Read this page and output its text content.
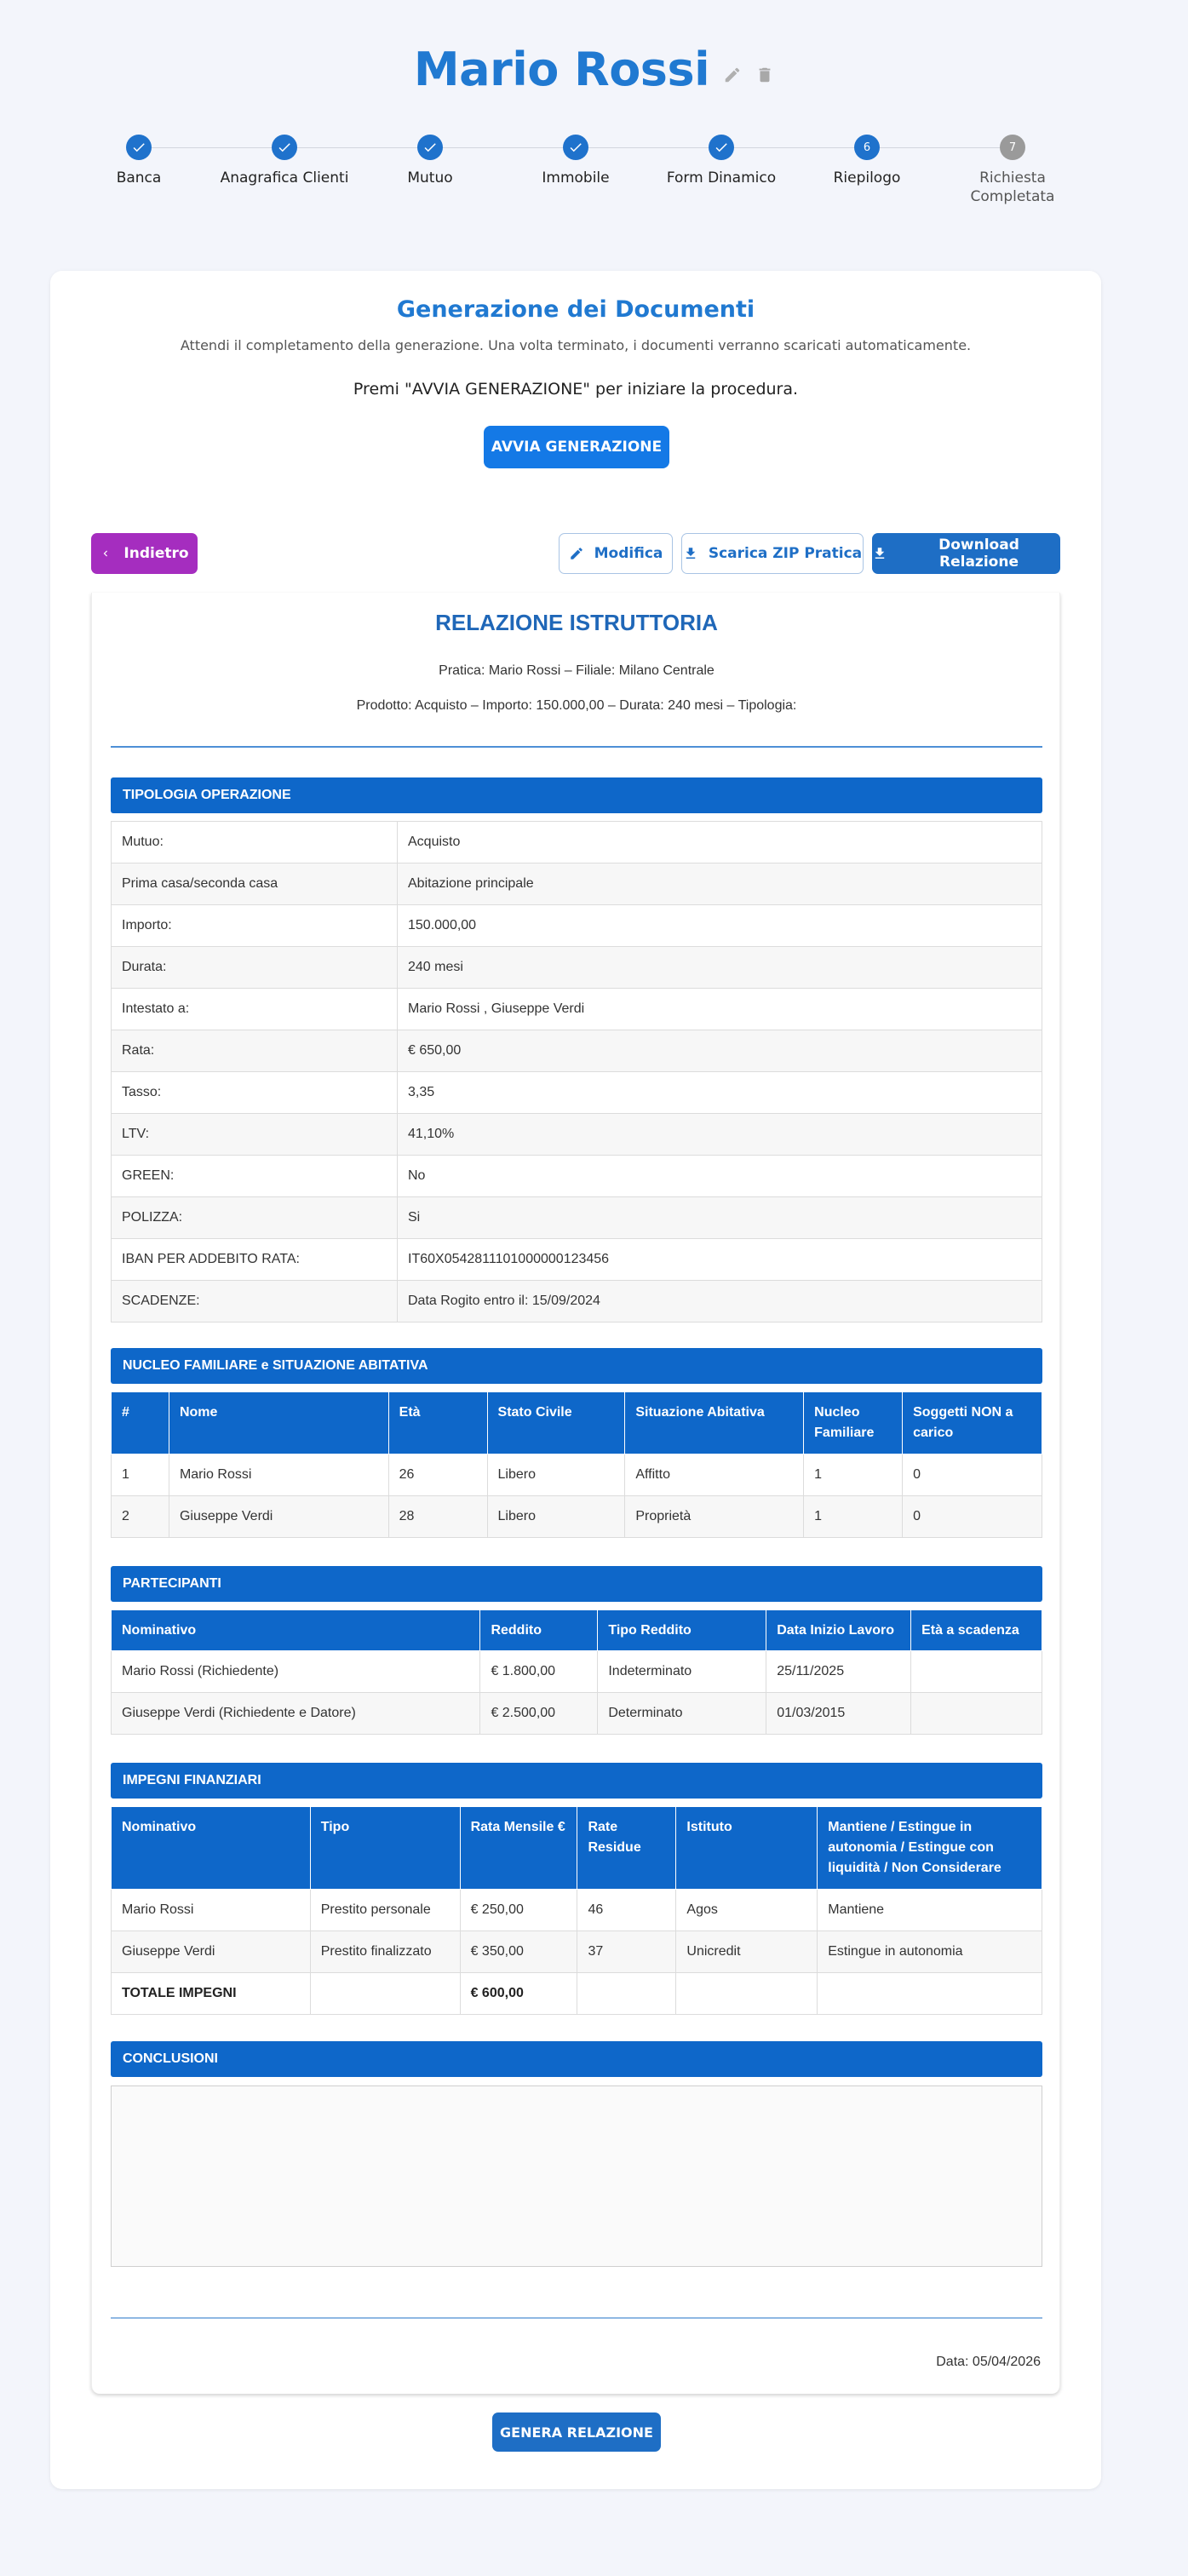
Mario Rossi
Banca	Anagrafica Clienti	Mutuo	Immobile	Form Dinamico
6
Riepilogo
7
Richiesta Completata
Generazione dei Documenti
Attendi il completamento della generazione. Una volta terminato, i documenti verranno scaricati automaticamente.
Premi "AVVIA GENERAZIONE" per iniziare la procedura.
AVVIA GENERAZIONE
Indietro	Modifica	Scarica ZIP Pratica	Download Relazione
RELAZIONE ISTRUTTORIA
Pratica: Mario Rossi – Filiale: Milano Centrale
Prodotto: Acquisto – Importo: 150.000,00 – Durata: 240 mesi – Tipologia:
TIPOLOGIA OPERAZIONE
Mutuo:	Acquisto
Prima casa/seconda casa	Abitazione principale
Importo:	150.000,00
Durata:	240 mesi
Intestato a:	Mario Rossi , Giuseppe Verdi
Rata:	€ 650,00
Tasso:	3,35
LTV:	41,10%
GREEN:	No
POLIZZA:	Si
IBAN PER ADDEBITO RATA:	IT60X0542811101000000123456
SCADENZE:	Data Rogito entro il: 15/09/2024
NUCLEO FAMILIARE e SITUAZIONE ABITATIVA
#	Nome	Età	Stato Civile	Situazione Abitativa	Nucleo Familiare	Soggetti NON a carico
1	Mario Rossi	26	Libero	Affitto	1	0
2	Giuseppe Verdi	28	Libero	Proprietà	1	0
PARTECIPANTI
Nominativo	Reddito	Tipo Reddito	Data Inizio Lavoro	Età a scadenza
Mario Rossi (Richiedente)	€ 1.800,00	Indeterminato	25/11/2025	
Giuseppe Verdi (Richiedente e Datore)	€ 2.500,00	Determinato	01/03/2015	
IMPEGNI FINANZIARI
Nominativo	Tipo	Rata Mensile €	Rate Residue	Istituto	Mantiene / Estingue in autonomia / Estingue con liquidità / Non Considerare
Mario Rossi	Prestito personale	€ 250,00	46	Agos	Mantiene
Giuseppe Verdi	Prestito finalizzato	€ 350,00	37	Unicredit	Estingue in autonomia
TOTALE IMPEGNI		€ 600,00			
CONCLUSIONI
Data: 05/04/2026
GENERA RELAZIONE
